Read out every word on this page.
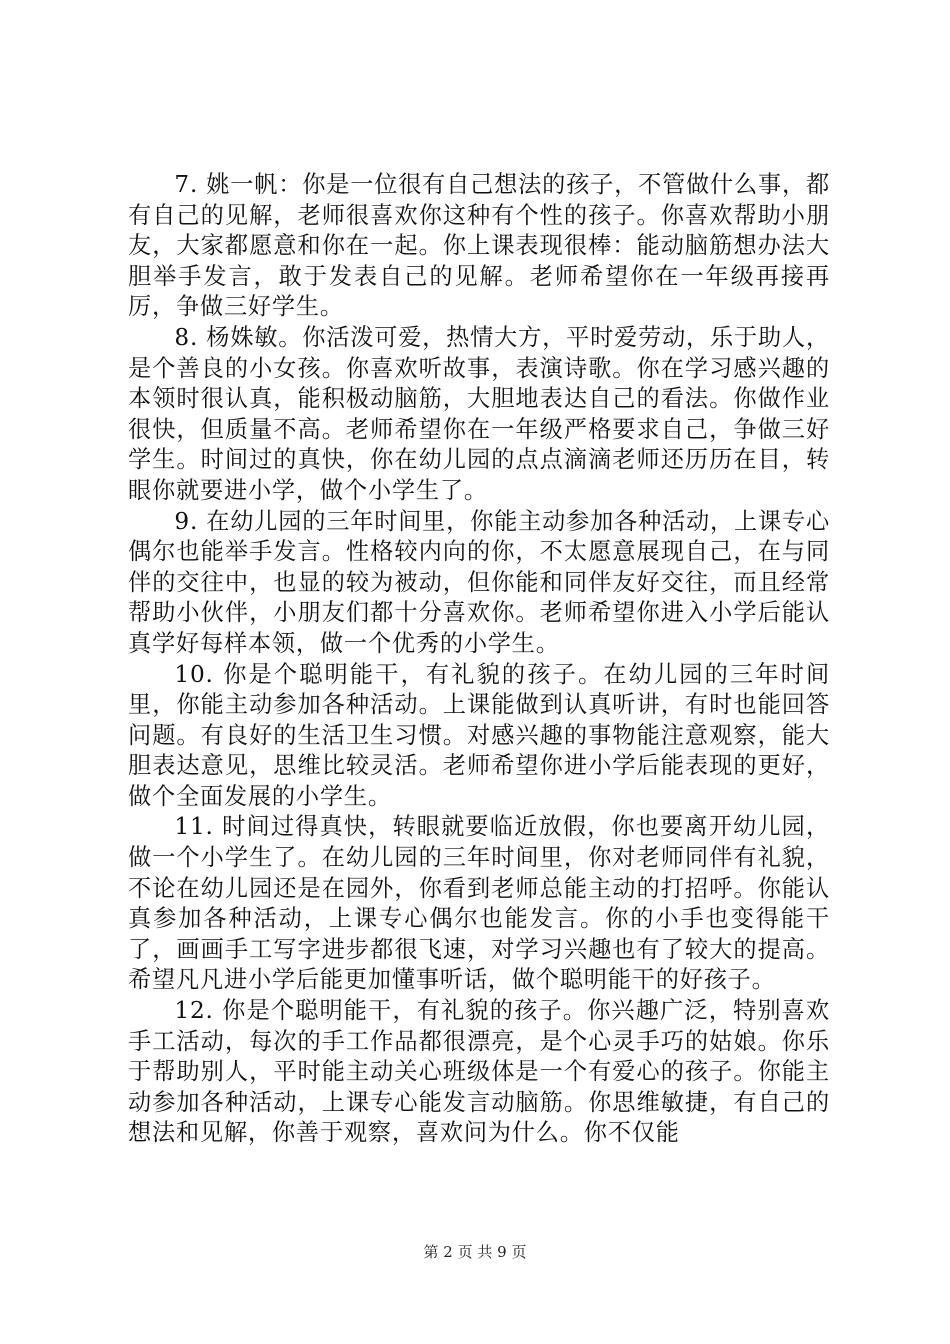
7. 姚一帆：你是一位很有自己想法的孩子，不管做什么事，都有自己的见解，老师很喜欢你这种有个性的孩子。你喜欢帮助小朋友，大家都愿意和你在一起。你上课表现很棒：能动脑筋想办法大胆举手发言，敢于发表自己的见解。老师希望你在一年级再接再厉，争做三好学生。

8. 杨姝敏。你活泼可爱，热情大方，平时爱劳动，乐于助人，是个善良的小女孩。你喜欢听故事，表演诗歌。你在学习感兴趣的本领时很认真，能积极动脑筋，大胆地表达自己的看法。你做作业很快，但质量不高。老师希望你在一年级严格要求自己，争做三好学生。时间过的真快，你在幼儿园的点点滴滴老师还历历在目，转眼你就要进小学，做个小学生了。

9. 在幼儿园的三年时间里，你能主动参加各种活动，上课专心偶尔也能举手发言。性格较内向的你，不太愿意展现自己，在与同伴的交往中，也显的较为被动，但你能和同伴友好交往，而且经常帮助小伙伴，小朋友们都十分喜欢你。老师希望你进入小学后能认真学好每样本领，做一个优秀的小学生。

10. 你是个聪明能干，有礼貌的孩子。在幼儿园的三年时间里，你能主动参加各种活动。上课能做到认真听讲，有时也能回答问题。有良好的生活卫生习惯。对感兴趣的事物能注意观察，能大胆表达意见，思维比较灵活。老师希望你进小学后能表现的更好，做个全面发展的小学生。

11. 时间过得真快，转眼就要临近放假，你也要离开幼儿园，做一个小学生了。在幼儿园的三年时间里，你对老师同伴有礼貌，不论在幼儿园还是在园外，你看到老师总能主动的打招呼。你能认真参加各种活动，上课专心偶尔也能发言。你的小手也变得能干了，画画手工写字进步都很飞速，对学习兴趣也有了较大的提高。希望凡凡进小学后能更加懂事听话，做个聪明能干的好孩子。

12. 你是个聪明能干，有礼貌的孩子。你兴趣广泛，特别喜欢手工活动，每次的手工作品都很漂亮，是个心灵手巧的姑娘。你乐于帮助别人，平时能主动关心班级体是一个有爱心的孩子。你能主动参加各种活动，上课专心能发言动脑筋。你思维敏捷，有自己的想法和见解，你善于观察，喜欢问为什么。你不仅能

第 2 页 共 9 页
